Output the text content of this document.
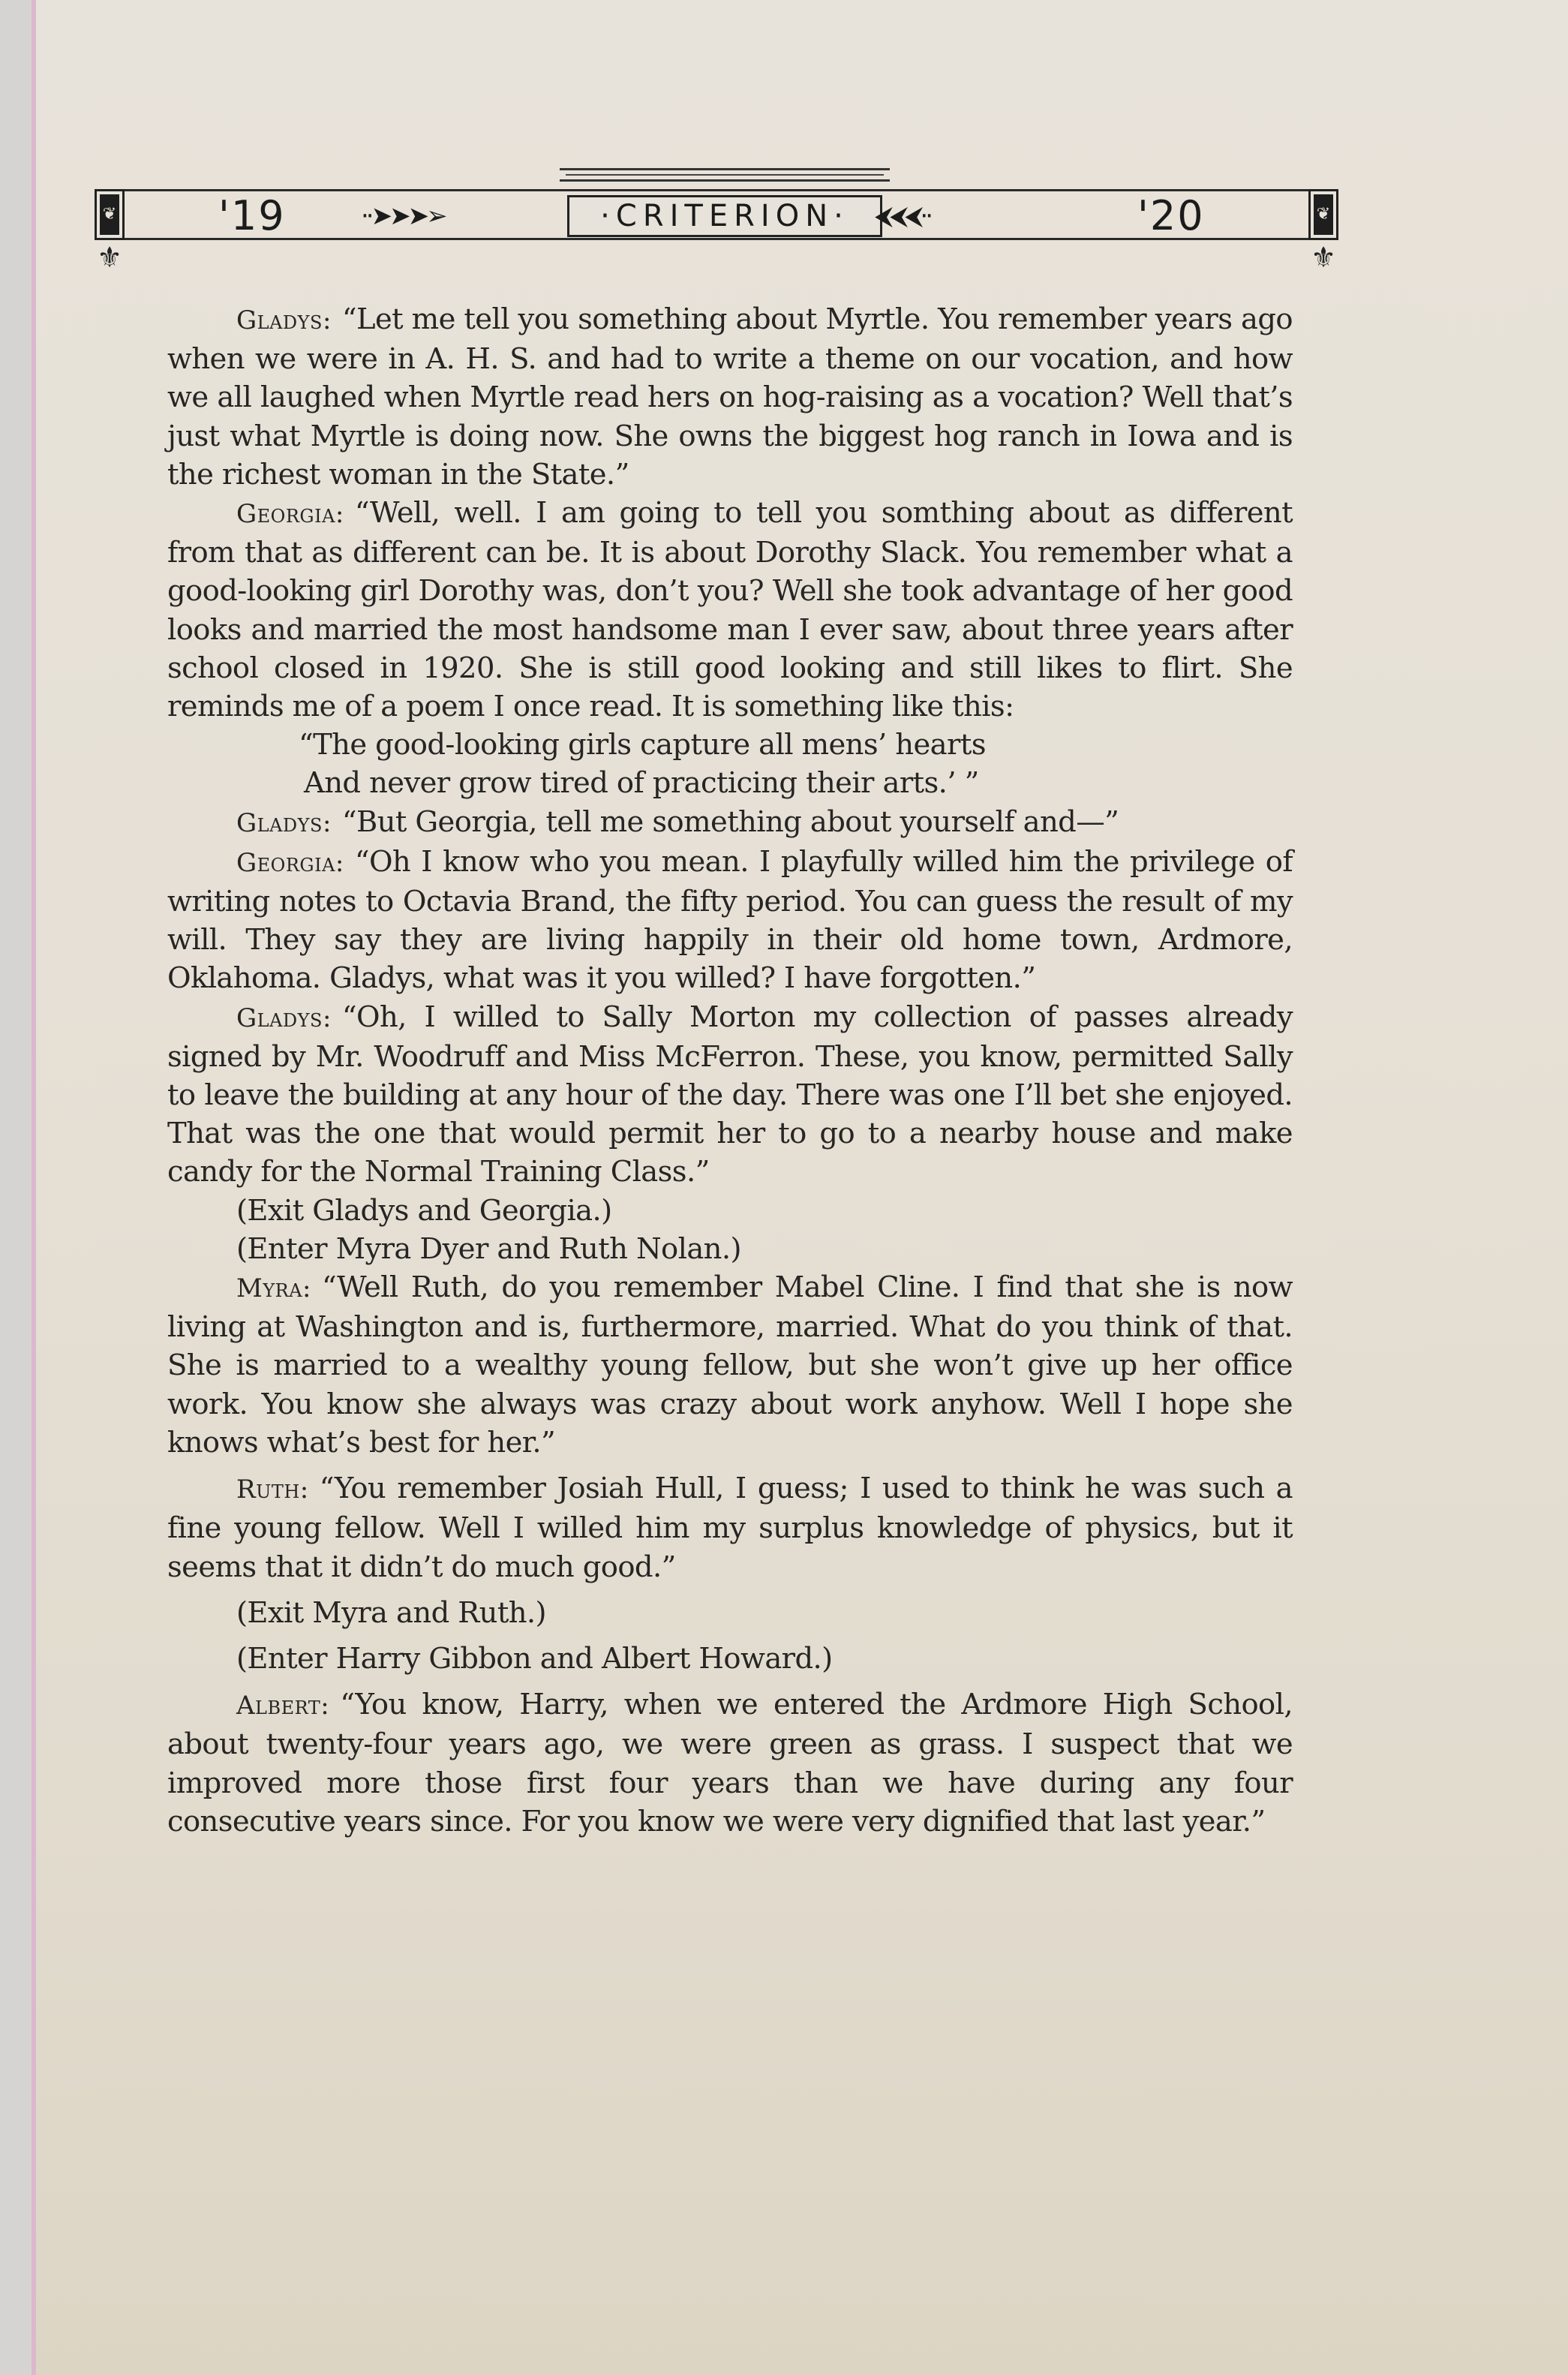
❦	❦
⚜	⚜
'19	··➤➤➤➢	·CRITERION·	⮜⮜⮜··	'20

Gladys: “Let me tell you something about Myrtle. You remember years ago when we were in A. H. S. and had to write a theme on our vocation, and how we all laughed when Myrtle read hers on hog-raising as a vocation? Well that’s just what Myrtle is doing now. She owns the biggest hog ranch in Iowa and is the richest woman in the State.”

Georgia: “Well, well. I am going to tell you somthing about as different from that as different can be. It is about Dorothy Slack. You remember what a good-looking girl Dorothy was, don’t you? Well she took advantage of her good looks and married the most handsome man I ever saw, about three years after school closed in 1920. She is still good looking and still likes to flirt. She reminds me of a poem I once read. It is something like this:

“The good-looking girls capture all mens’ hearts

And never grow tired of practicing their arts.’ ”

Gladys: “But Georgia, tell me something about yourself and—”

Georgia: “Oh I know who you mean. I playfully willed him the privilege of writing notes to Octavia Brand, the fifty period. You can guess the result of my will. They say they are living happily in their old home town, Ardmore, Oklahoma. Gladys, what was it you willed? I have forgotten.”

Gladys: “Oh, I willed to Sally Morton my collection of passes already signed by Mr. Woodruff and Miss McFerron. These, you know, permitted Sally to leave the building at any hour of the day. There was one I’ll bet she enjoyed. That was the one that would permit her to go to a nearby house and make candy for the Normal Training Class.”

(Exit Gladys and Georgia.)

(Enter Myra Dyer and Ruth Nolan.)

Myra: “Well Ruth, do you remember Mabel Cline. I find that she is now living at Washington and is, furthermore, married. What do you think of that. She is married to a wealthy young fellow, but she won’t give up her office work. You know she always was crazy about work anyhow. Well I hope she knows what’s best for her.”

Ruth: “You remember Josiah Hull, I guess; I used to think he was such a fine young fellow. Well I willed him my surplus knowledge of physics, but it seems that it didn’t do much good.”

(Exit Myra and Ruth.)

(Enter Harry Gibbon and Albert Howard.)

Albert: “You know, Harry, when we entered the Ardmore High School, about twenty-four years ago, we were green as grass. I suspect that we improved more those first four years than we have during any four consecutive years since. For you know we were very dignified that last year.”
